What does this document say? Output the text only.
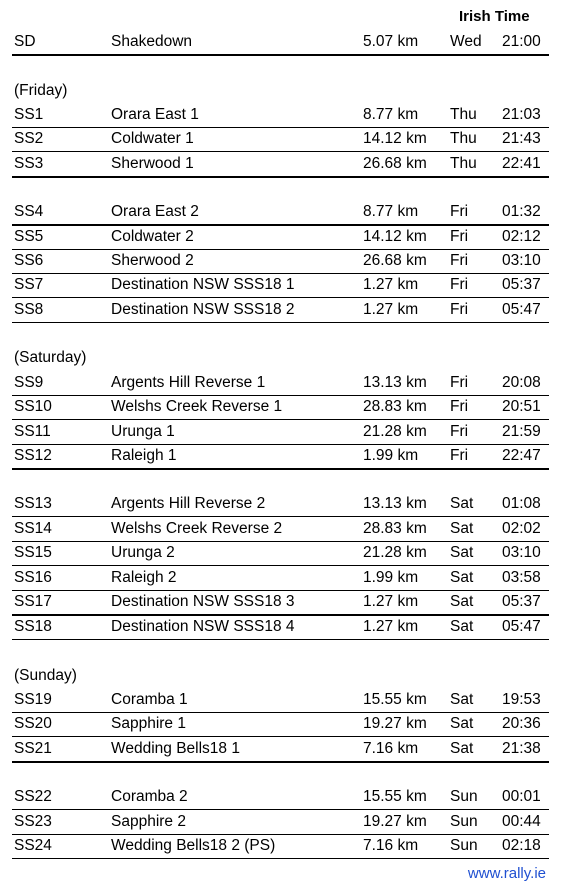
Irish Time
SD	Shakedown	5.07 km Wed 21:00
(Friday)
SS1	Orara East 1	8.77 km Thu 21:03
SS2	Coldwater 1	14.12 km Thu 21:43
SS3	Sherwood 1	26.68 km Thu 22:41
SS4	Orara East 2	8.77 km Fri 01:32
SS5	Coldwater 2	14.12 km Fri 02:12
SS6	Sherwood 2	26.68 km Fri 03:10
SS7	Destination NSW SSS18 1	1.27 km Fri 05:37
SS8	Destination NSW SSS18 2	1.27 km Fri 05:47
(Saturday)
SS9	Argents Hill Reverse 1	13.13 km Fri 20:08
SS10	Welshs Creek Reverse 1	28.83 km Fri 20:51
SS11	Urunga 1	21.28 km Fri 21:59
SS12	Raleigh 1	1.99 km Fri 22:47
SS13	Argents Hill Reverse 2	13.13 km Sat 01:08
SS14	Welshs Creek Reverse 2	28.83 km Sat 02:02
SS15	Urunga 2	21.28 km Sat 03:10
SS16	Raleigh 2	1.99 km Sat 03:58
SS17	Destination NSW SSS18 3	1.27 km Sat 05:37
SS18	Destination NSW SSS18 4	1.27 km Sat 05:47
(Sunday)
SS19	Coramba 1	15.55 km Sat 19:53
SS20	Sapphire 1	19.27 km Sat 20:36
SS21	Wedding Bells18 1	7.16 km Sat 21:38
SS22	Coramba 2	15.55 km Sun 00:01
SS23	Sapphire 2	19.27 km Sun 00:44
SS24	Wedding Bells18 2 (PS)	7.16 km Sun 02:18
www.rally.ie
